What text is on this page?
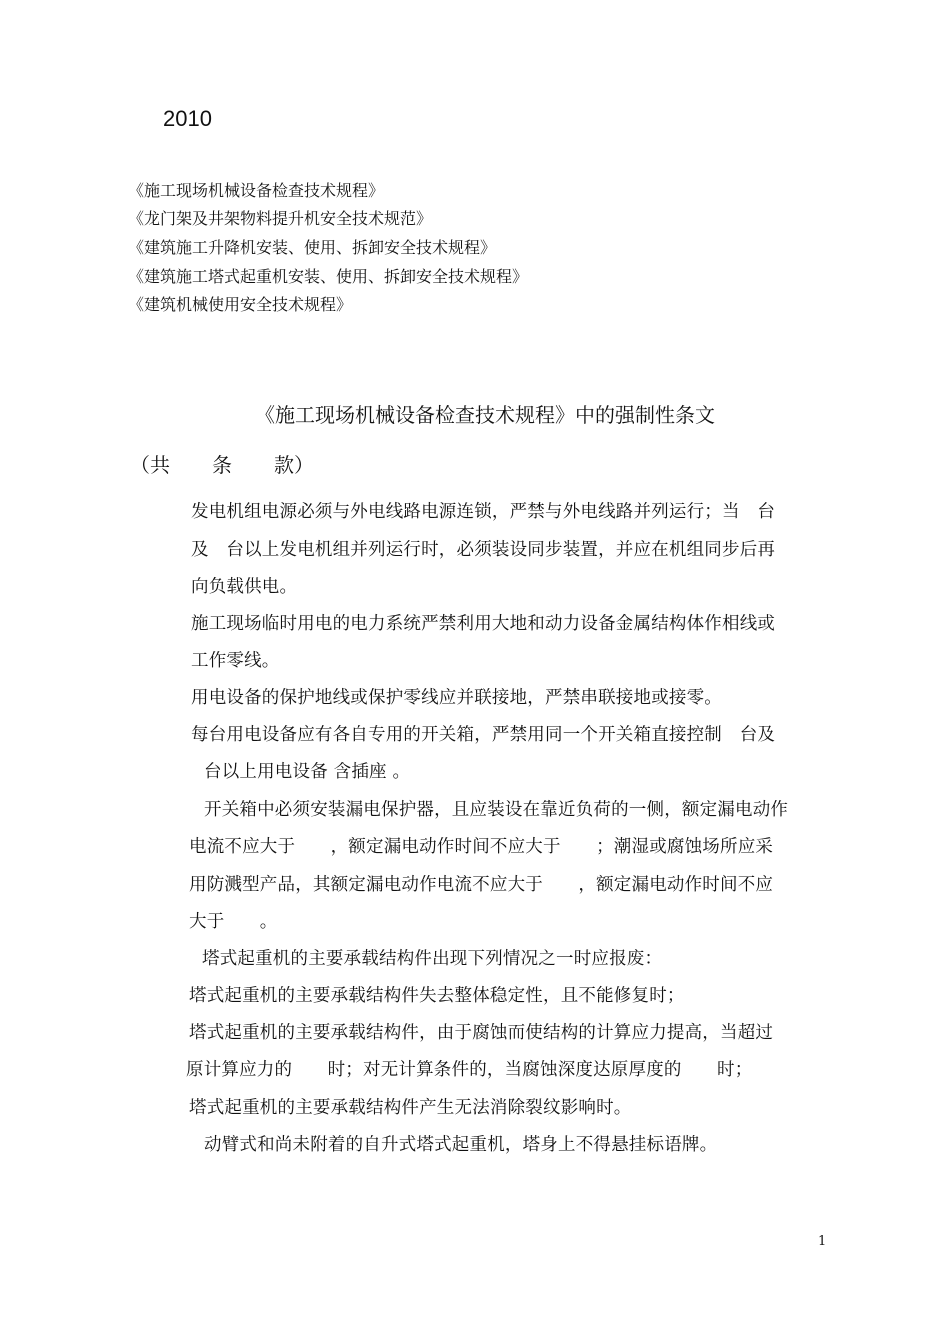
2010
《施工现场机械设备检查技术规程》
《龙门架及井架物料提升机安全技术规范》
《建筑施工升降机安装、使用、拆卸安全技术规程》
《建筑施工塔式起重机安装、使用、拆卸安全技术规程》
《建筑机械使用安全技术规程》
《施工现场机械设备检查技术规程》中的强制性条文
（共 条 款）
发电机组电源必须与外电线路电源连锁，严禁与外电线路并列运行；当　台
及　台以上发电机组并列运行时，必须装设同步装置，并应在机组同步后再
向负载供电。
施工现场临时用电的电力系统严禁利用大地和动力设备金属结构体作相线或
工作零线。
用电设备的保护地线或保护零线应并联接地，严禁串联接地或接零。
每台用电设备应有各自专用的开关箱，严禁用同一个开关箱直接控制　台及
台以上用电设备 含插座 。
开关箱中必须安装漏电保护器，且应装设在靠近负荷的一侧，额定漏电动作
电流不应大于　　，额定漏电动作时间不应大于　　；潮湿或腐蚀场所应采
用防溅型产品，其额定漏电动作电流不应大于　　，额定漏电动作时间不应
大于　　。
塔式起重机的主要承载结构件出现下列情况之一时应报废：
塔式起重机的主要承载结构件失去整体稳定性，且不能修复时；
塔式起重机的主要承载结构件，由于腐蚀而使结构的计算应力提高，当超过
原计算应力的　　时；对无计算条件的，当腐蚀深度达原厚度的　　时；
塔式起重机的主要承载结构件产生无法消除裂纹影响时。
动臂式和尚未附着的自升式塔式起重机，塔身上不得悬挂标语牌。
1
